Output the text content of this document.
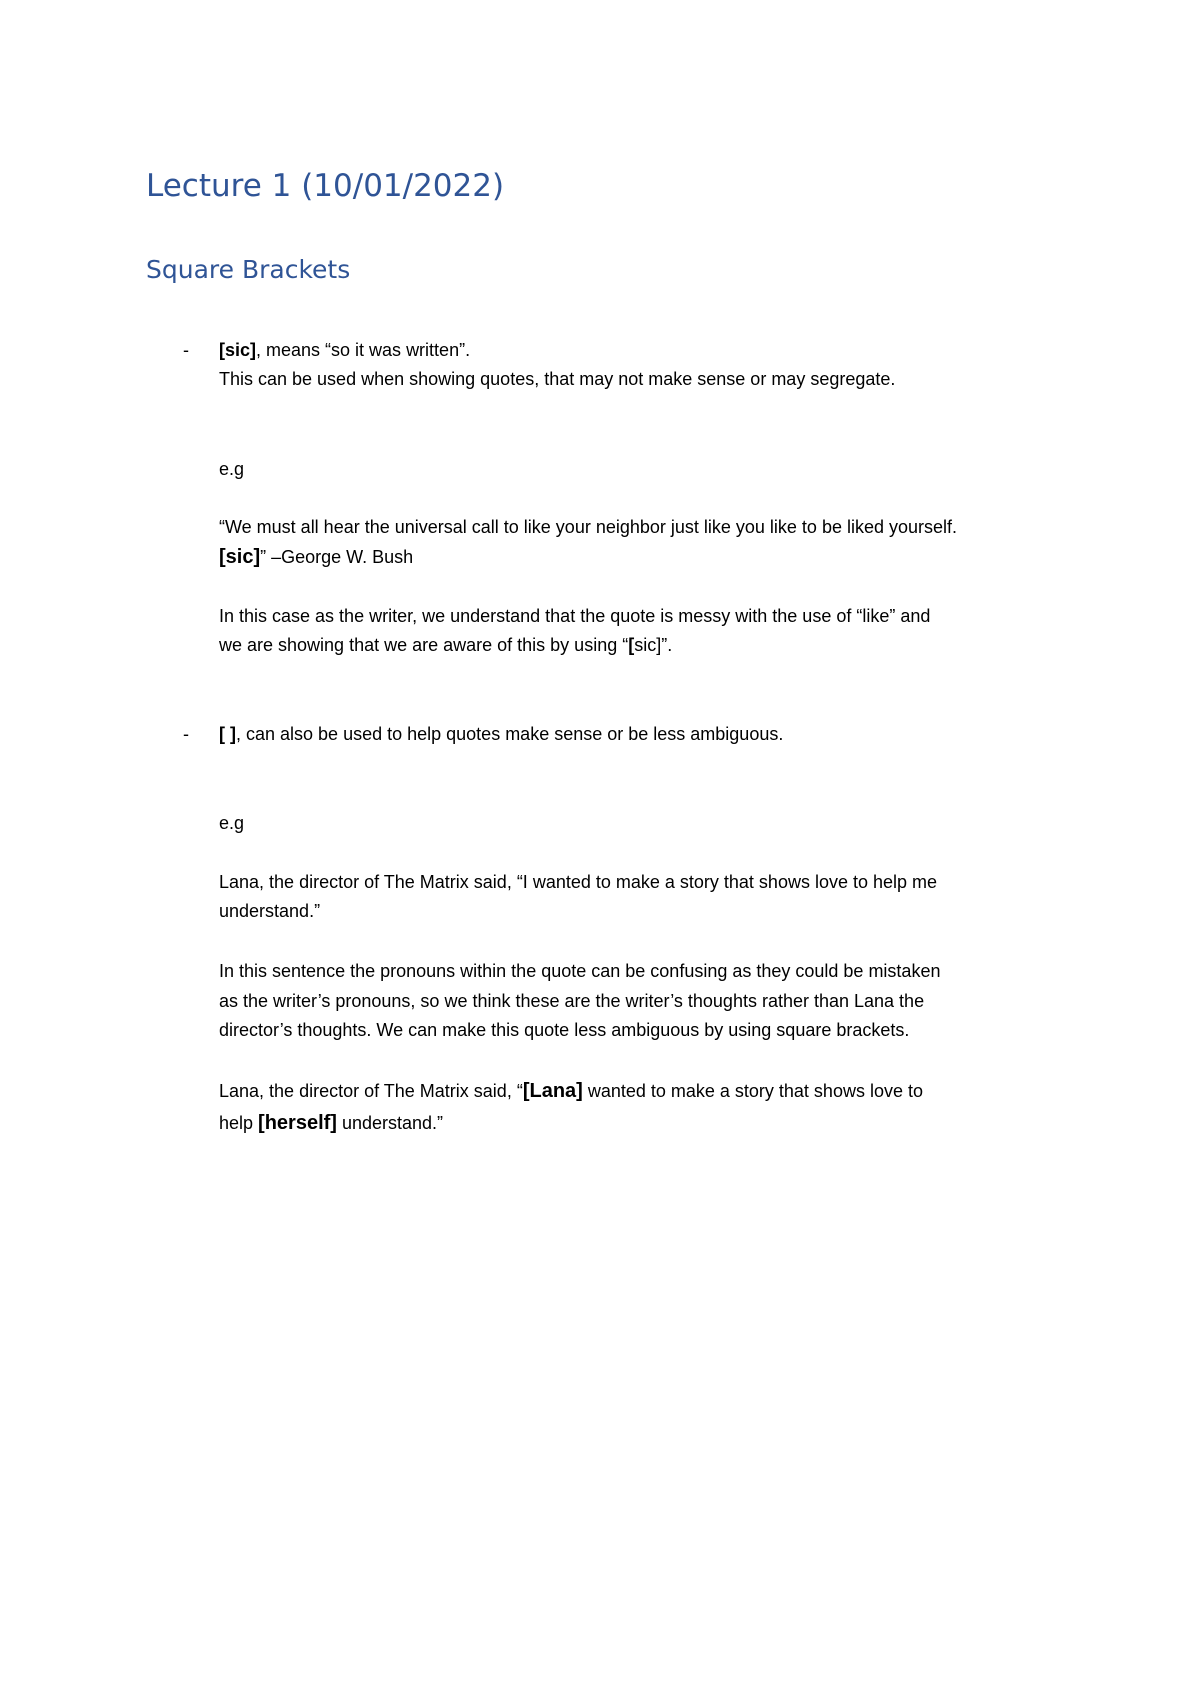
Lecture 1 (10/01/2022)
Square Brackets

- [sic], means “so it was written”.

This can be used when showing quotes, that may not make sense or may segregate.

e.g

“We must all hear the universal call to like your neighbor just like you like to be liked yourself.

[sic]” –George W. Bush

In this case as the writer, we understand that the quote is messy with the use of “like” and

we are showing that we are aware of this by using “[sic]”.

- [ ], can also be used to help quotes make sense or be less ambiguous.

e.g

Lana, the director of The Matrix said, “I wanted to make a story that shows love to help me

understand.”

In this sentence the pronouns within the quote can be confusing as they could be mistaken

as the writer’s pronouns, so we think these are the writer’s thoughts rather than Lana the

director’s thoughts. We can make this quote less ambiguous by using square brackets.

Lana, the director of The Matrix said, “[Lana] wanted to make a story that shows love to

help [herself] understand.”
